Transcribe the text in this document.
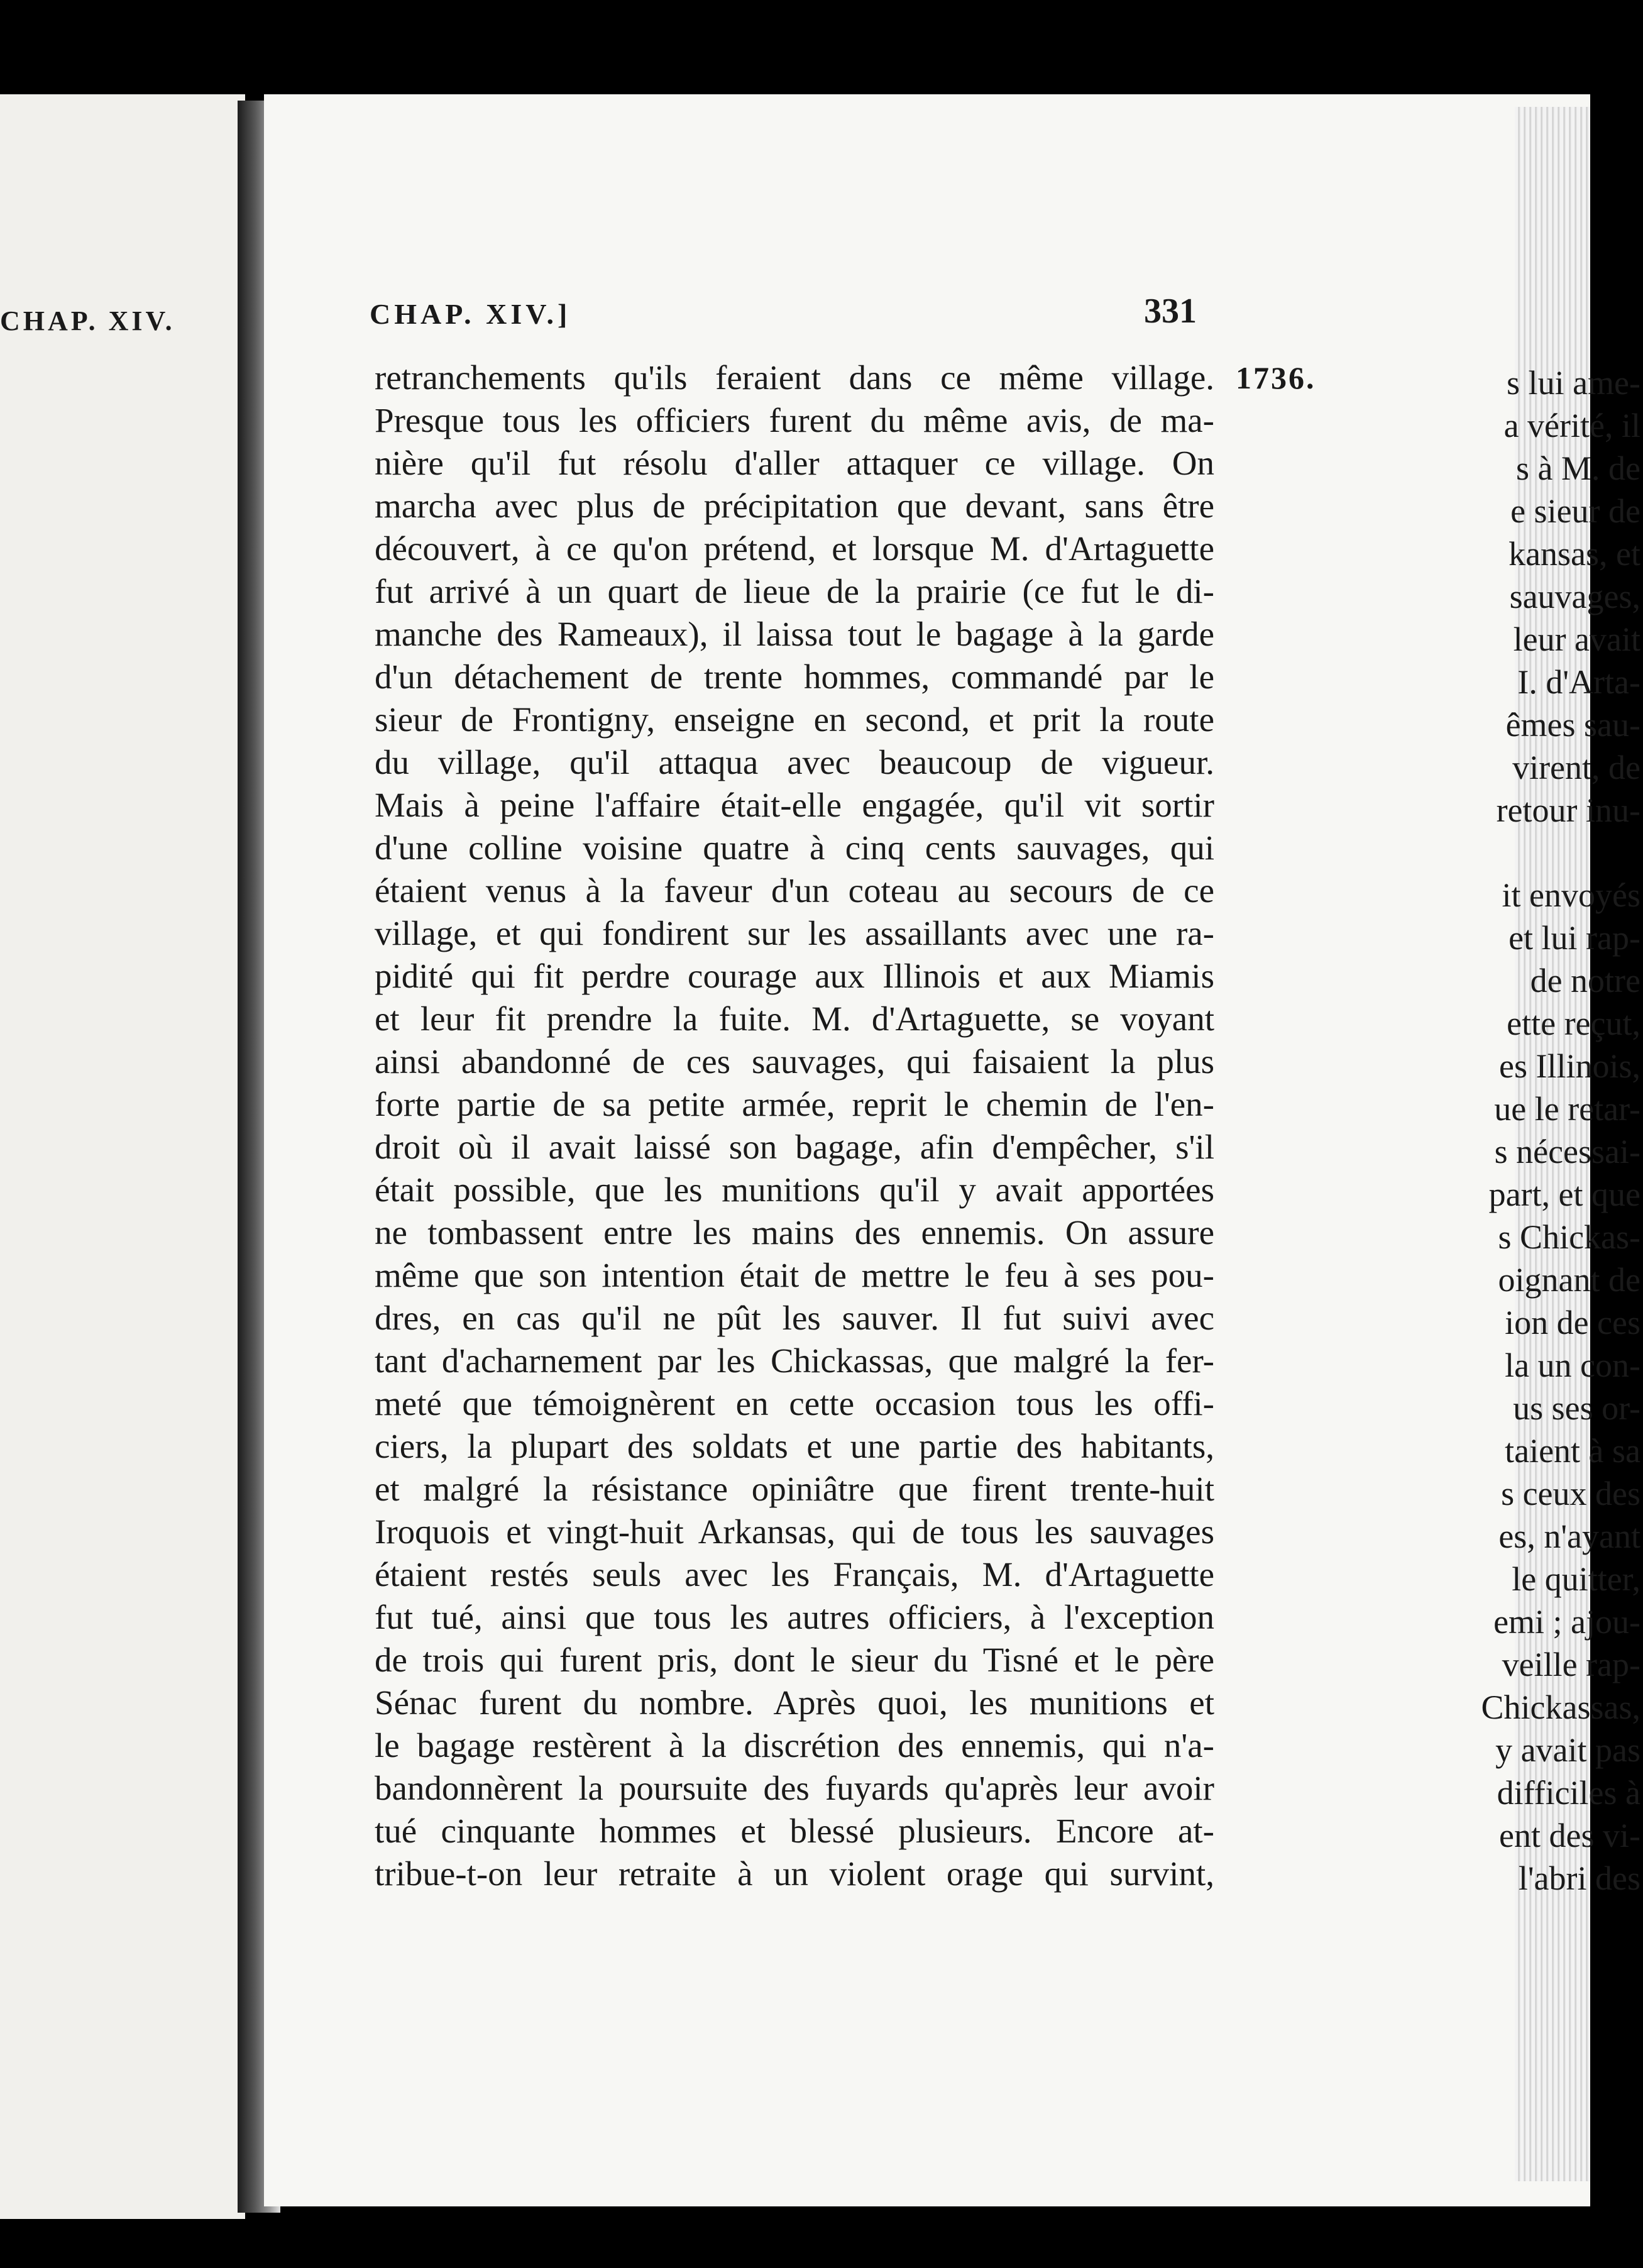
CHAP. XIV.

s lui ame-
a vérité, il
s à M. de
e sieur de
kansas, et
sauvages,
leur avait
I. d'Arta-
êmes sau-
virent, de
retour inu-
it envoyés
et lui rap-
de notre
ette reçut,
es Illinois,
ue le retar-
s nécessai-
part, et que
s Chickas-
oignant de
ion de ces
la un con-
us ses or-
taient à sa
s ceux des
es, n'ayant
le quitter,
emi ; ajou-
veille rap-
Chickassas,
y avait pas
difficiles à
ent des vi-
l'abri des

CHAP. XIV.]	331

1736.

retranchements qu'ils feraient dans ce même village.
Presque tous les officiers furent du même avis, de ma-
nière qu'il fut résolu d'aller attaquer ce village. On
marcha avec plus de précipitation que devant, sans être
découvert, à ce qu'on prétend, et lorsque M. d'Artaguette
fut arrivé à un quart de lieue de la prairie (ce fut le di-
manche des Rameaux), il laissa tout le bagage à la garde
d'un détachement de trente hommes, commandé par le
sieur de Frontigny, enseigne en second, et prit la route
du village, qu'il attaqua avec beaucoup de vigueur.
Mais à peine l'affaire était-elle engagée, qu'il vit sortir
d'une colline voisine quatre à cinq cents sauvages, qui
étaient venus à la faveur d'un coteau au secours de ce
village, et qui fondirent sur les assaillants avec une ra-
pidité qui fit perdre courage aux Illinois et aux Miamis
et leur fit prendre la fuite. M. d'Artaguette, se voyant
ainsi abandonné de ces sauvages, qui faisaient la plus
forte partie de sa petite armée, reprit le chemin de l'en-
droit où il avait laissé son bagage, afin d'empêcher, s'il
était possible, que les munitions qu'il y avait apportées
ne tombassent entre les mains des ennemis. On assure
même que son intention était de mettre le feu à ses pou-
dres, en cas qu'il ne pût les sauver. Il fut suivi avec
tant d'acharnement par les Chickassas, que malgré la fer-
meté que témoignèrent en cette occasion tous les offi-
ciers, la plupart des soldats et une partie des habitants,
et malgré la résistance opiniâtre que firent trente-huit
Iroquois et vingt-huit Arkansas, qui de tous les sauvages
étaient restés seuls avec les Français, M. d'Artaguette
fut tué, ainsi que tous les autres officiers, à l'exception
de trois qui furent pris, dont le sieur du Tisné et le père
Sénac furent du nombre. Après quoi, les munitions et
le bagage restèrent à la discrétion des ennemis, qui n'a-
bandonnèrent la poursuite des fuyards qu'après leur avoir
tué cinquante hommes et blessé plusieurs. Encore at-
tribue-t-on leur retraite à un violent orage qui survint,
